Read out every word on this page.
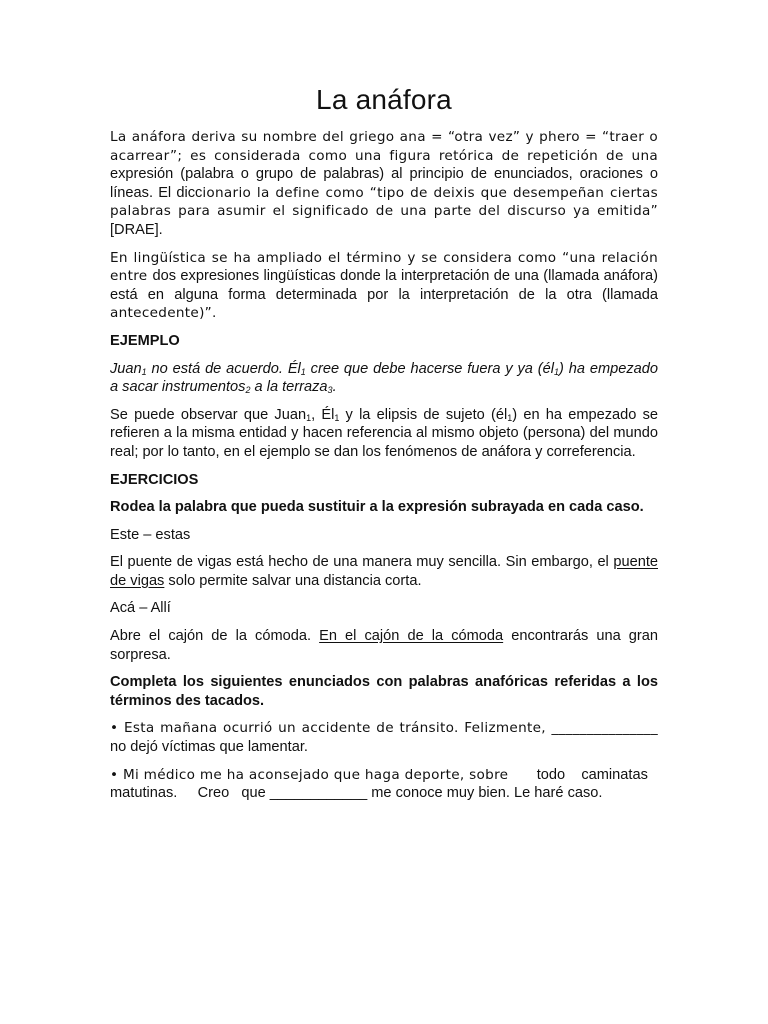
La anáfora

La anáfora deriva su nombre del griego ana = “otra vez” y phero = “traer o acarrear”; es considerada como una figura retórica de repetición de una expresión (palabra o grupo de palabras) al principio de enunciados, oraciones o líneas. El diccionario la define como “tipo de deixis que desempeñan ciertas palabras para asumir el significado de una parte del discurso ya emitida” [DRAE].

En lingüística se ha ampliado el término y se considera como “una relación entre dos expresiones lingüísticas donde la interpretación de una (llamada anáfora) está en alguna forma determinada por la interpretación de la otra (llamada antecedente)”.

EJEMPLO

Juan$_1$ no está de acuerdo. $Él_1$ cree que debe hacerse fuera y ya $(él_1)$ ha empezado a sacar instrumentos$_2$ a la terraza$_3$.

Se puede observar que Juan$_1$, $Él_1$ y la elipsis de sujeto $(él_1)$ en ha empezado se refieren a la misma entidad y hacen referencia al mismo objeto (persona) del mundo real; por lo tanto, en el ejemplo se dan los fenómenos de anáfora y correferencia.

EJERCICIOS

Rodea la palabra que pueda sustituir a la expresión subrayada en cada caso.

Este – estas

El puente de vigas está hecho de una manera muy sencilla. Sin embargo, el puente de vigas solo permite salvar una distancia corta.

Acá – Allí

Abre el cajón de la cómoda. En el cajón de la cómoda encontrarás una gran sorpresa.

Completa los siguientes enunciados con palabras anafóricas referidas a los términos des tacados.

• Esta mañana ocurrió un accidente de tránsito. Felizmente, _______________ no dejó víctimas que lamentar.

• Mi médico me ha aconsejado que haga deporte, sobre       todo    caminatas matutinas.     Creo   que ____________ me conoce muy bien. Le haré caso.
